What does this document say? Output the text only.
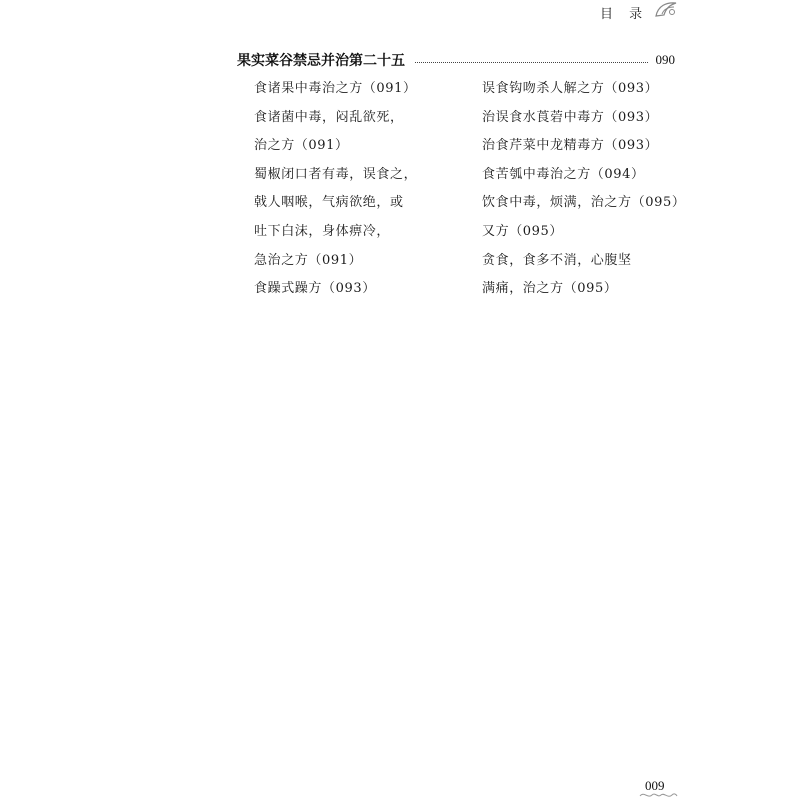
目 录
果实菜谷禁忌并治第二十五	090
食诸果中毒治之方（091）
食诸菌中毒，闷乱欲死，
治之方（091）
蜀椒闭口者有毒，误食之，
戟人咽喉，气病欲绝，或
吐下白沫，身体痹冷，
急治之方（091）
食躁式躁方（093）
误食钩吻杀人解之方（093）
治误食水莨菪中毒方（093）
治食芹菜中龙精毒方（093）
食苦瓠中毒治之方（094）
饮食中毒，烦满，治之方（095）
又方（095）
贪食，食多不消，心腹坚
满痛，治之方（095）
009
